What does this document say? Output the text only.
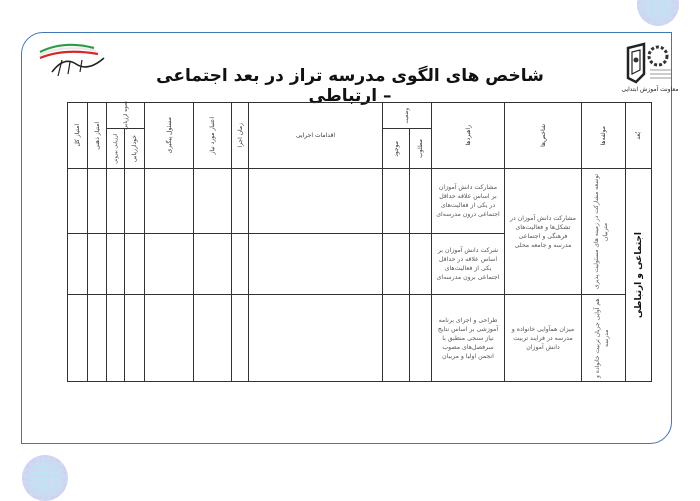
معاونت آموزش ابتدایی
شاخص های الگوی مدرسه تراز در بعد اجتماعی – ارتباطی
بُعد
مولفه‌ها
شاخص‌ها
راهبردها
وضعیت
مطلوب
موجود
اقدامات اجرایی
زمان اجرا
اعتبار مورد نیاز
مسئول پیگیری
نحوه ارزیابی
خودارزیابی
ارزیابی بیرونی
امتیاز ذهنی
امتیاز کل
اجتماعی و ارتباطی
توسعه مشارکت در زمینه های مسئولیت پذیری متربیان
هم آوایی جریان تربیت خانواده و مدرسه
مشارکت دانش آموزان در تشکل‌ها و فعالیت‌های فرهنگی و اجتماعی مدرسه و جامعه محلی
میزان همآوایی خانواده و مدرسه در فرایند تربیت دانش آموزان
مشارکت دانش آموزان بر اساس علاقه حداقل در یکی از فعالیت‌های اجتماعی درون مدرسه‌ای
شرکت دانش آموزان بر اساس علاقه در حداقل یکی از فعالیت‌های اجتماعی برون مدرسه‌ای
طراحی و اجرای برنامه آموزشی بر اساس نتایج نیاز سنجی منطبق با سرفصل‌های مصوب انجمن اولیا و مربیان
